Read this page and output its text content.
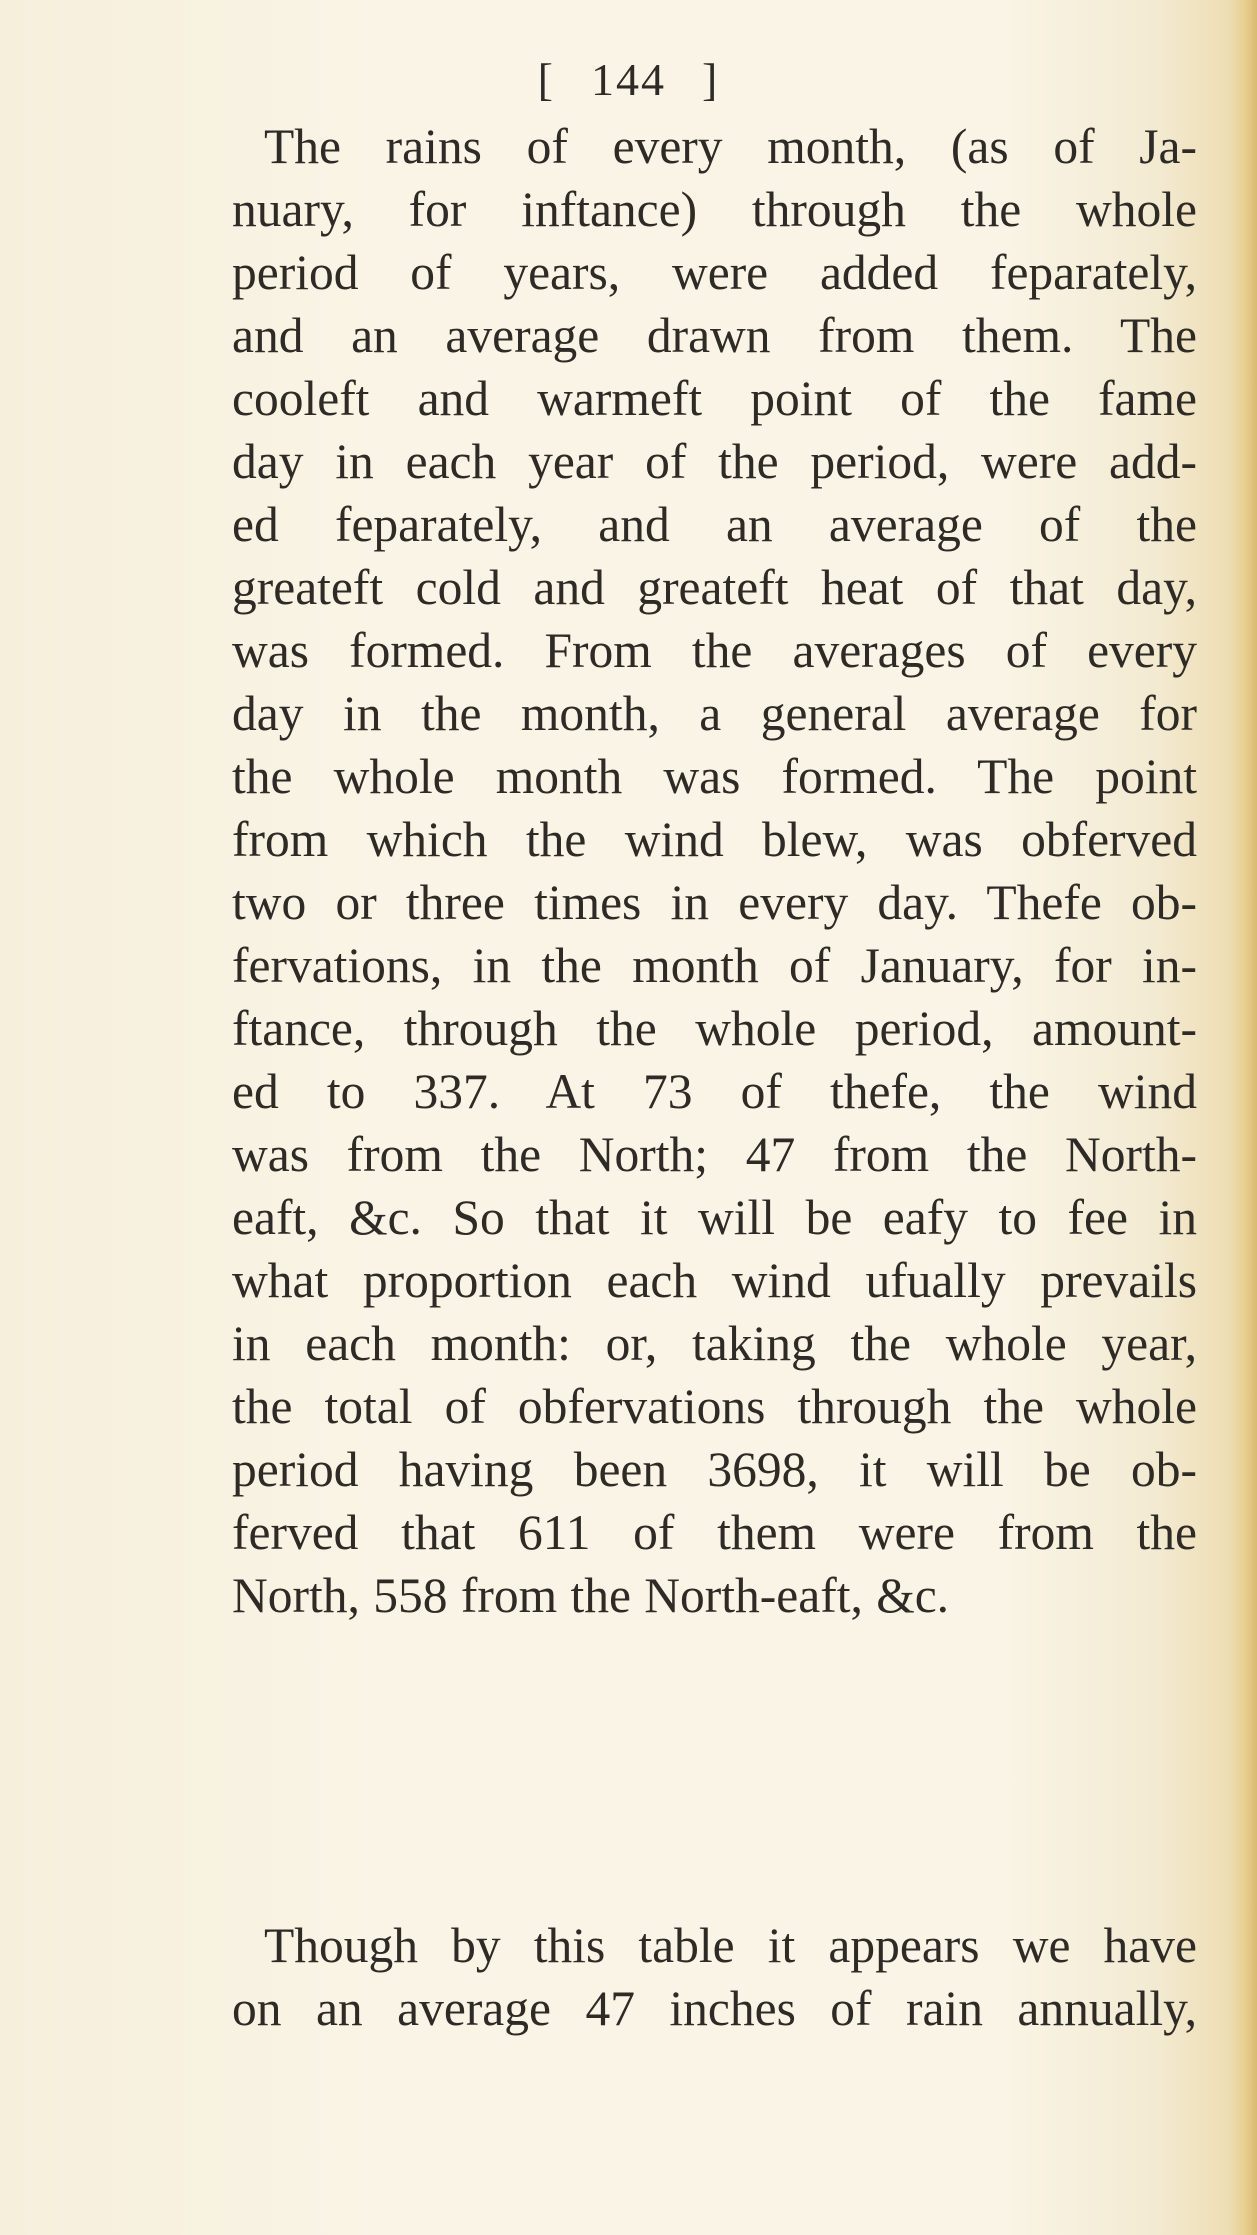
[ 144 ]
The rains of every month, (as of Ja-
nuary, for inftance) through the whole
period of years, were added feparately,
and an average drawn from them. The
cooleft and warmeft point of the fame
day in each year of the period, were add-
ed feparately, and an average of the
greateft cold and greateft heat of that day,
was formed. From the averages of every
day in the month, a general average for
the whole month was formed. The point
from which the wind blew, was obferved
two or three times in every day. Thefe ob-
fervations, in the month of January, for in-
ftance, through the whole period, amount-
ed to 337. At 73 of thefe, the wind
was from the North; 47 from the North-
eaft, &c. So that it will be eafy to fee in
what proportion each wind ufually prevails
in each month: or, taking the whole year,
the total of obfervations through the whole
period having been 3698, it will be ob-
ferved that 611 of them were from the
North, 558 from the North-eaft, &c.
Though by this table it appears we have
on an average 47 inches of rain annually,
